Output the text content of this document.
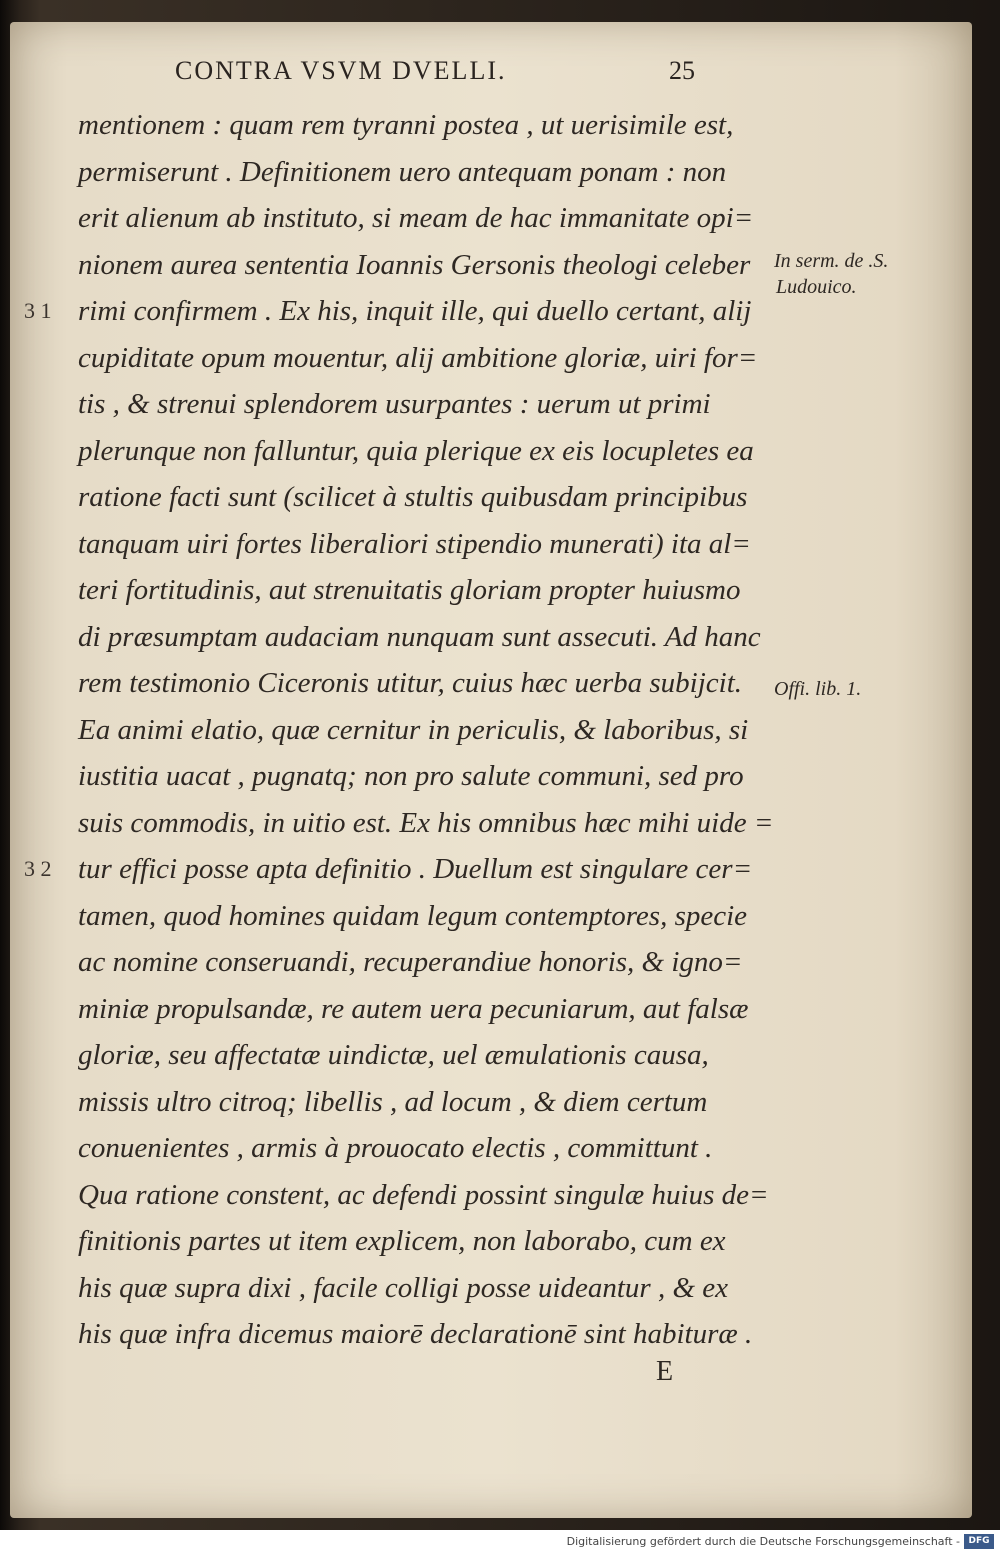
CONTRA VSVM DVELLI.	25
mentionem : quam rem tyranni postea , ut uerisimile est,
permiserunt . Definitionem uero antequam ponam : non
erit alienum ab instituto, si meam de hac immanitate opi=
nionem aurea sententia Ioannis Gersonis theologi celeber
rimi confirmem . Ex his, inquit ille, qui duello certant, alij
cupiditate opum mouentur, alij ambitione gloriæ, uiri for=
tis , & strenui splendorem usurpantes : uerum ut primi
plerunque non falluntur, quia plerique ex eis locupletes ea
ratione facti sunt (scilicet à stultis quibusdam principibus
tanquam uiri fortes liberaliori stipendio munerati) ita al=
teri fortitudinis, aut strenuitatis gloriam propter huiusmo
di præsumptam audaciam nunquam sunt assecuti. Ad hanc
rem testimonio Ciceronis utitur, cuius hæc uerba subijcit.
Ea animi elatio, quæ cernitur in periculis, & laboribus, si
iustitia uacat , pugnatq; non pro salute communi, sed pro
suis commodis, in uitio est. Ex his omnibus hæc mihi uide =
tur effici posse apta definitio . Duellum est singulare cer=
tamen, quod homines quidam legum contemptores, specie
ac nomine conseruandi, recuperandiue honoris, & igno=
miniæ propulsandæ, re autem uera pecuniarum, aut falsæ
gloriæ, seu affectatæ uindictæ, uel æmulationis causa,
missis ultro citroq; libellis , ad locum , & diem certum
conuenientes , armis à prouocato electis , committunt .
Qua ratione constent, ac defendi possint singulæ huius de=
finitionis partes ut item explicem, non laborabo, cum ex
his quæ supra dixi , facile colligi posse uideantur , & ex
his quæ infra dicemus maiorē declarationē sint habituræ .
3 1
3 2
In serm. de .S.
Ludouico.
Offi. lib. 1.
E
Digitalisierung gefördert durch die Deutsche Forschungsgemeinschaft - DFG
